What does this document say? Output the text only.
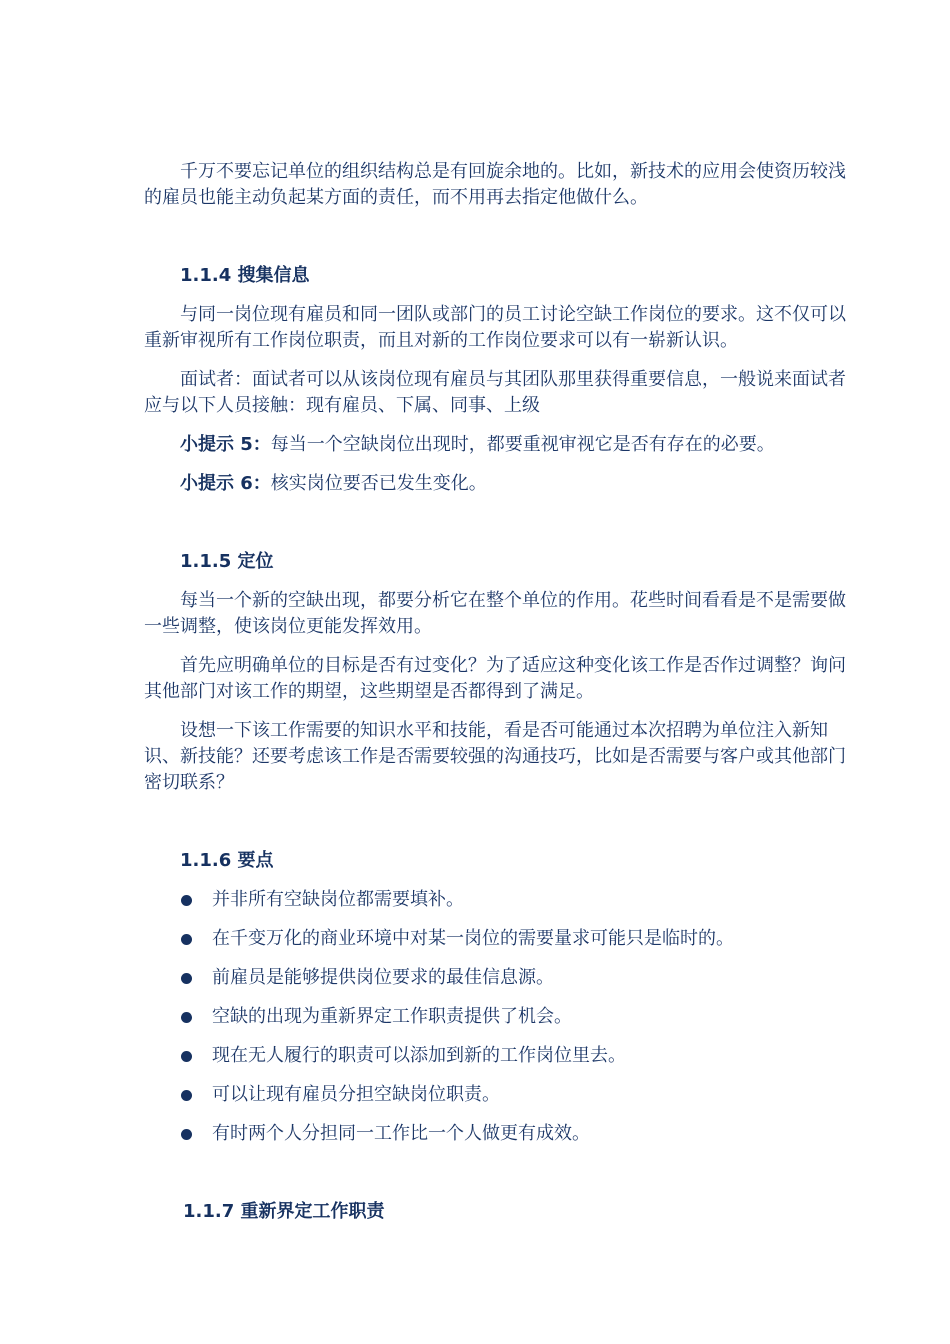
千万不要忘记单位的组织结构总是有回旋余地的。比如，新技术的应用会使资历较浅的雇员也能主动负起某方面的责任，而不用再去指定他做什么。

1.1.4 搜集信息

与同一岗位现有雇员和同一团队或部门的员工讨论空缺工作岗位的要求。这不仅可以重新审视所有工作岗位职责，而且对新的工作岗位要求可以有一崭新认识。

面试者：面试者可以从该岗位现有雇员与其团队那里获得重要信息，一般说来面试者应与以下人员接触：现有雇员、下属、同事、上级

小提示 5：每当一个空缺岗位出现时，都要重视审视它是否有存在的必要。

小提示 6：核实岗位要否已发生变化。

1.1.5 定位

每当一个新的空缺出现，都要分析它在整个单位的作用。花些时间看看是不是需要做一些调整，使该岗位更能发挥效用。

首先应明确单位的目标是否有过变化？为了适应这种变化该工作是否作过调整？询问其他部门对该工作的期望，这些期望是否都得到了满足。

设想一下该工作需要的知识水平和技能，看是否可能通过本次招聘为单位注入新知识、新技能？还要考虑该工作是否需要较强的沟通技巧，比如是否需要与客户或其他部门密切联系？

1.1.6 要点

并非所有空缺岗位都需要填补。
在千变万化的商业环境中对某一岗位的需要量求可能只是临时的。
前雇员是能够提供岗位要求的最佳信息源。
空缺的出现为重新界定工作职责提供了机会。
现在无人履行的职责可以添加到新的工作岗位里去。
可以让现有雇员分担空缺岗位职责。
有时两个人分担同一工作比一个人做更有成效。

1.1.7 重新界定工作职责
